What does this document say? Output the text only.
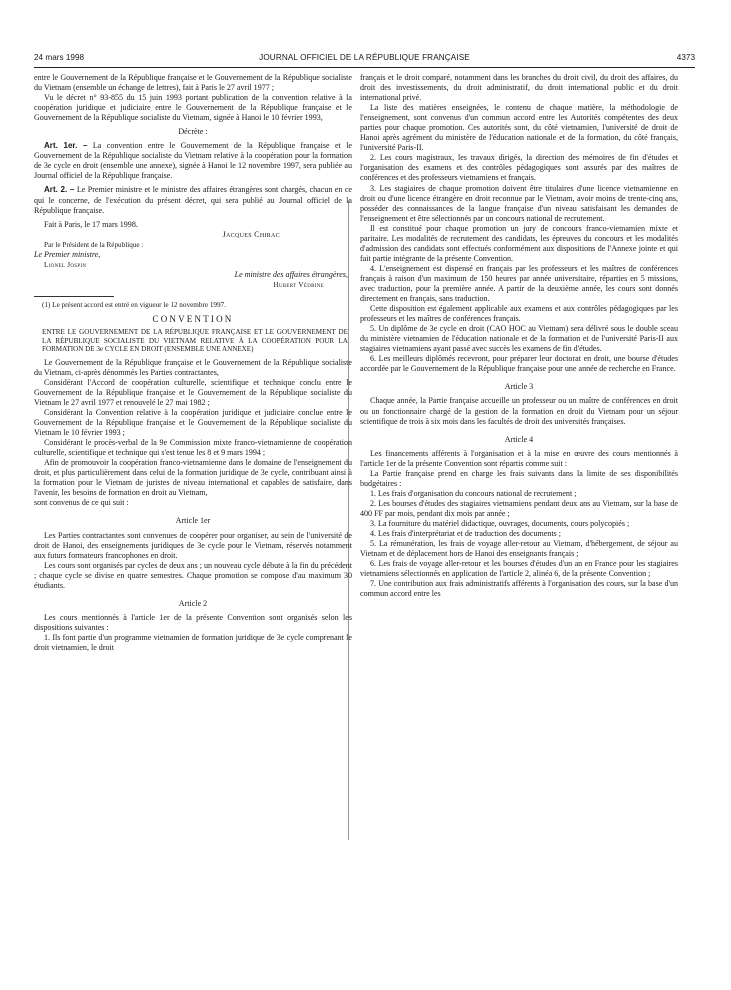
24 mars 1998	JOURNAL OFFICIEL DE LA RÉPUBLIQUE FRANÇAISE	4373

entre le Gouvernement de la République française et le Gouvernement de la République socialiste du Vietnam (ensemble un échange de lettres), fait à Paris le 27 avril 1977 ;

Vu le décret n° 93-855 du 15 juin 1993 portant publication de la convention relative à la coopération juridique et judiciaire entre le Gouvernement de la République française et le Gouvernement de la République socialiste du Vietnam, signée à Hanoi le 10 février 1993,

Décrète :

Art. 1er. – La convention entre le Gouvernement de la République française et le Gouvernement de la République socialiste du Vietnam relative à la coopération pour la formation de 3e cycle en droit (ensemble une annexe), signée à Hanoi le 12 novembre 1997, sera publiée au Journal officiel de la République française.

Art. 2. – Le Premier ministre et le ministre des affaires étrangères sont chargés, chacun en ce qui le concerne, de l'exécution du présent décret, qui sera publié au Journal officiel de la République française.

Fait à Paris, le 17 mars 1998.

Jacques Chirac

Par le Président de la République :

Le Premier ministre,

Lionel Jospin

Le ministre des affaires étrangères,

Hubert Védrine

(1) Le présent accord est entré en vigueur le 12 novembre 1997.

CONVENTION

ENTRE LE GOUVERNEMENT DE LA RÉPUBLIQUE FRANÇAISE ET LE GOUVERNEMENT DE LA RÉPUBLIQUE SOCIALISTE DU VIETNAM RELATIVE À LA COOPÉRATION POUR LA FORMATION DE 3e CYCLE EN DROIT (ENSEMBLE UNE ANNEXE)

Le Gouvernement de la République française et le Gouvernement de la République socialiste du Vietnam, ci-après dénommés les Parties contractantes,

Considérant l'Accord de coopération culturelle, scientifique et technique conclu entre le Gouvernement de la République française et le Gouvernement de la République socialiste du Vietnam le 27 avril 1977 et renouvelé le 27 mai 1982 ;

Considérant la Convention relative à la coopération juridique et judiciaire conclue entre le Gouvernement de la République française et le Gouvernement de la République socialiste du Vietnam le 10 février 1993 ;

Considérant le procès-verbal de la 9e Commission mixte franco-vietnamienne de coopération culturelle, scientifique et technique qui s'est tenue les 8 et 9 mars 1994 ;

Afin de promouvoir la coopération franco-vietnamienne dans le domaine de l'enseignement du droit, et plus particulièrement dans celui de la formation juridique de 3e cycle, contribuant ainsi à la formation pour le Vietnam de juristes de niveau international et capables de satisfaire, dans l'avenir, les besoins de formation en droit au Vietnam,

sont convenus de ce qui suit :

Article 1er

Les Parties contractantes sont convenues de coopérer pour organiser, au sein de l'université de droit de Hanoi, des enseignements juridiques de 3e cycle pour le Vietnam, réservés notamment aux futurs formateurs francophones en droit.

Les cours sont organisés par cycles de deux ans ; un nouveau cycle débute à la fin du précédent ; chaque cycle se divise en quatre semestres. Chaque promotion se compose d'au maximum 30 étudiants.

Article 2

Les cours mentionnés à l'article 1er de la présente Convention sont organisés selon les dispositions suivantes :

1. Ils font partie d'un programme vietnamien de formation juridique de 3e cycle comprenant le droit vietnamien, le droit

français et le droit comparé, notamment dans les branches du droit civil, du droit des affaires, du droit des investissements, du droit administratif, du droit international public et du droit international privé.

La liste des matières enseignées, le contenu de chaque matière, la méthodologie de l'enseignement, sont convenus d'un commun accord entre les Autorités compétentes des deux parties pour chaque promotion. Ces autorités sont, du côté vietnamien, l'université de droit de Hanoi après agrément du ministère de l'éducation nationale et de la formation, du côté français, l'université Paris-II.

2. Les cours magistraux, les travaux dirigés, la direction des mémoires de fin d'études et l'organisation des examens et des contrôles pédagogiques sont assurés par des maîtres de conférences et des professeurs vietnamiens et français.

3. Les stagiaires de chaque promotion doivent être titulaires d'une licence vietnamienne en droit ou d'une licence étrangère en droit reconnue par le Vietnam, avoir moins de trente-cinq ans, posséder des connaissances de la langue française d'un niveau satisfaisant les demandes de l'enseignement et être sélectionnés par un concours national de recrutement.

Il est constitué pour chaque promotion un jury de concours franco-vietnamien mixte et paritaire. Les modalités de recrutement des candidats, les épreuves du concours et les modalités d'admission des candidats sont effectués conformément aux dispositions de l'Annexe jointe et qui fait partie intégrante de la présente Convention.

4. L'enseignement est dispensé en français par les professeurs et les maîtres de conférences français à raison d'un maximum de 150 heures par année universitaire, réparties en 5 missions, avec traduction, pour la première année. A partir de la deuxième année, les cours sont donnés directement en français, sans traduction.

Cette disposition est également applicable aux examens et aux contrôles pédagogiques par les professeurs et les maîtres de conférences français.

5. Un diplôme de 3e cycle en droit (CAO HOC au Vietnam) sera délivré sous le double sceau du ministère vietnamien de l'éducation nationale et de la formation et de l'université Paris-II aux stagiaires vietnamiens ayant passé avec succès les examens de fin d'études.

6. Les meilleurs diplômés recevront, pour préparer leur doctorat en droit, une bourse d'études accordée par le Gouvernement de la République française pour une année de recherche en France.

Article 3

Chaque année, la Partie française accueille un professeur ou un maître de conférences en droit ou un fonctionnaire chargé de la gestion de la formation en droit du Vietnam pour un séjour scientifique de trois à six mois dans les facultés de droit des universités françaises.

Article 4

Les financements afférents à l'organisation et à la mise en œuvre des cours mentionnés à l'article 1er de la présente Convention sont répartis comme suit :

La Partie française prend en charge les frais suivants dans la limite de ses disponibilités budgétaires :

1. Les frais d'organisation du concours national de recrutement ;

2. Les bourses d'études des stagiaires vietnamiens pendant deux ans au Vietnam, sur la base de 400 FF par mois, pendant dix mois par année ;

3. La fourniture du matériel didactique, ouvrages, documents, cours polycopiés ;

4. Les frais d'interprétariat et de traduction des documents ;

5. La rémunération, les frais de voyage aller-retour au Vietnam, d'hébergement, de séjour au Vietnam et de déplacement hors de Hanoi des enseignants français ;

6. Les frais de voyage aller-retour et les bourses d'études d'un an en France pour les stagiaires vietnamiens sélectionnés en application de l'article 2, alinéa 6, de la présente Convention ;

7. Une contribution aux frais administratifs afférents à l'organisation des cours, sur la base d'un commun accord entre les
